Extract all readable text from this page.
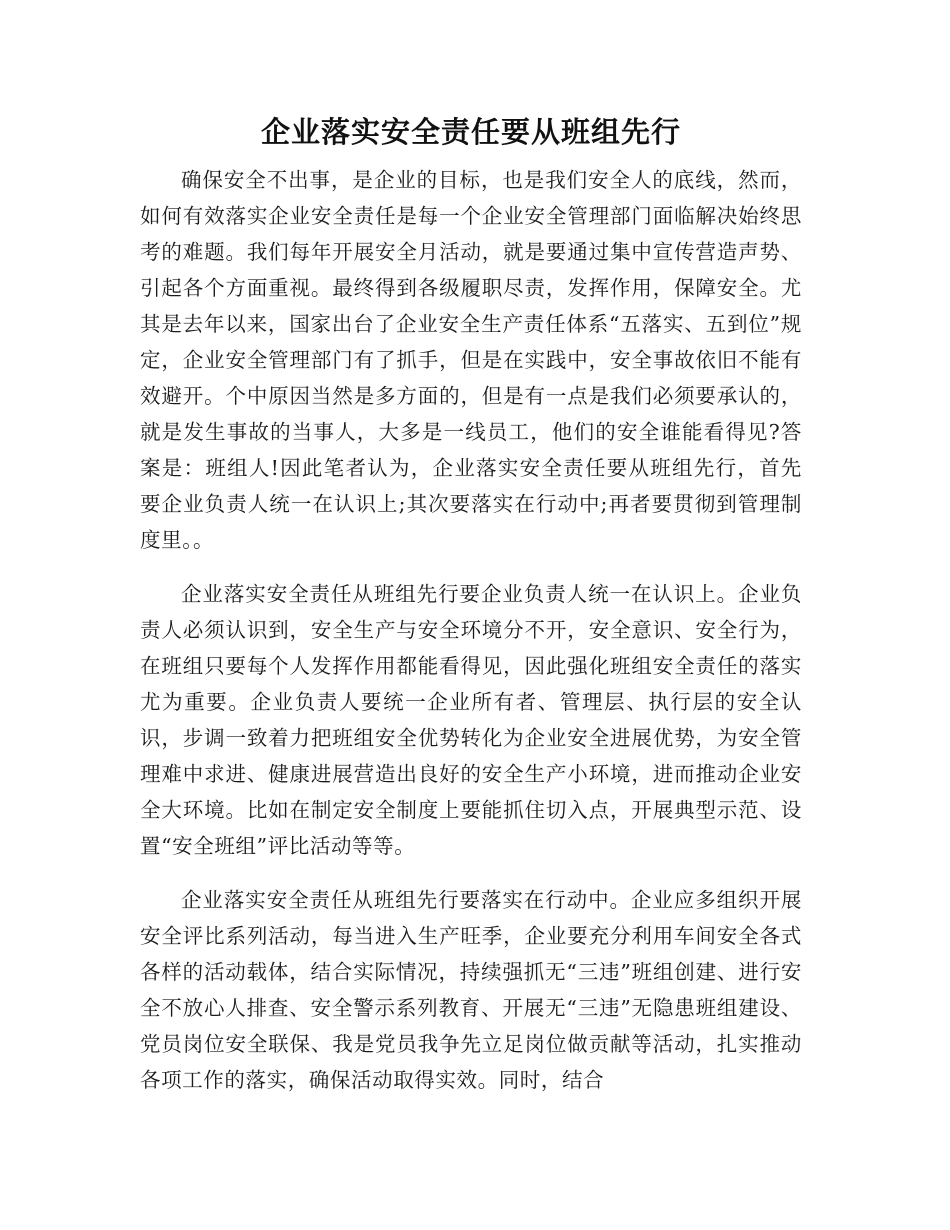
企业落实安全责任要从班组先行

确保安全不出事，是企业的目标，也是我们安全人的底线，然而，如何有效落实企业安全责任是每一个企业安全管理部门面临解决始终思考的难题。我们每年开展安全月活动，就是要通过集中宣传营造声势、引起各个方面重视。最终得到各级履职尽责，发挥作用，保障安全。尤其是去年以来，国家出台了企业安全生产责任体系“五落实、五到位”规定，企业安全管理部门有了抓手，但是在实践中，安全事故依旧不能有效避开。个中原因当然是多方面的，但是有一点是我们必须要承认的，就是发生事故的当事人，大多是一线员工，他们的安全谁能看得见?答案是：班组人!因此笔者认为，企业落实安全责任要从班组先行，首先要企业负责人统一在认识上;其次要落实在行动中;再者要贯彻到管理制度里。。

企业落实安全责任从班组先行要企业负责人统一在认识上。企业负责人必须认识到，安全生产与安全环境分不开，安全意识、安全行为，在班组只要每个人发挥作用都能看得见，因此强化班组安全责任的落实尤为重要。企业负责人要统一企业所有者、管理层、执行层的安全认识，步调一致着力把班组安全优势转化为企业安全进展优势，为安全管理难中求进、健康进展营造出良好的安全生产小环境，进而推动企业安全大环境。比如在制定安全制度上要能抓住切入点，开展典型示范、设置“安全班组”评比活动等等。

企业落实安全责任从班组先行要落实在行动中。企业应多组织开展安全评比系列活动，每当进入生产旺季，企业要充分利用车间安全各式各样的活动载体，结合实际情况，持续强抓无“三违”班组创建、进行安全不放心人排查、安全警示系列教育、开展无“三违”无隐患班组建设、党员岗位安全联保、我是党员我争先立足岗位做贡献等活动，扎实推动各项工作的落实，确保活动取得实效。同时，结合
